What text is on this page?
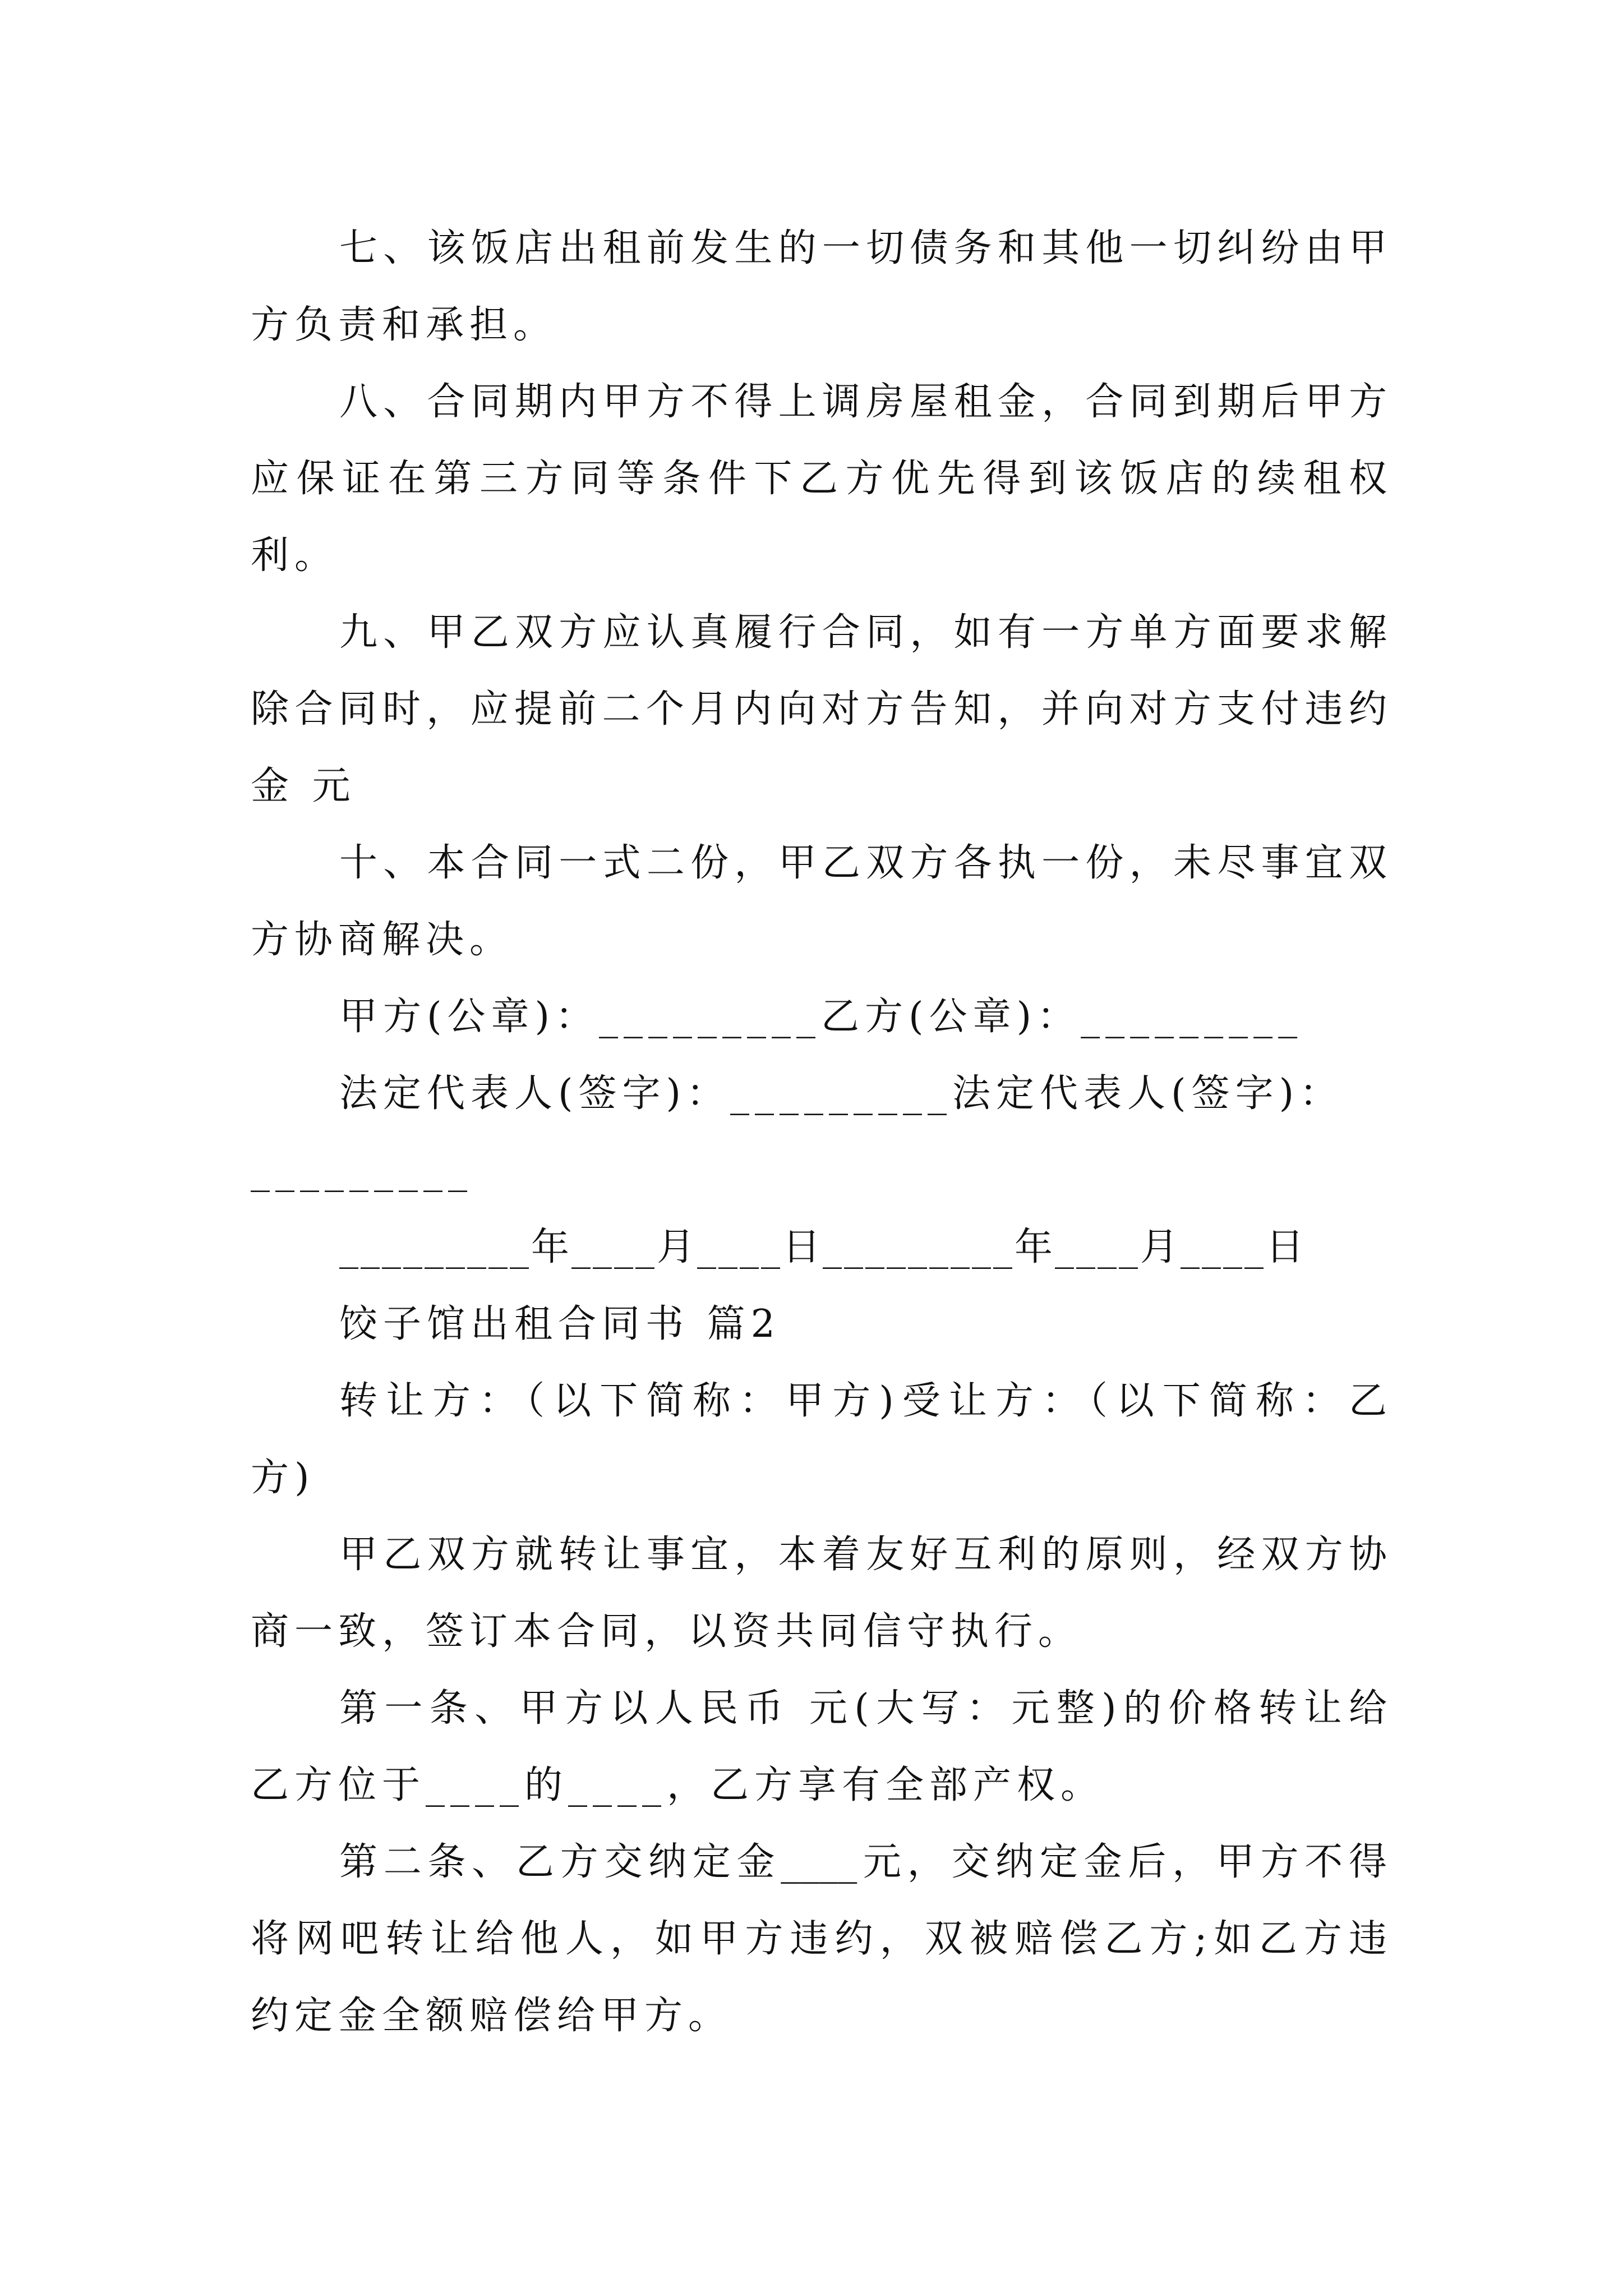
七、该饭店出租前发生的一切债务和其他一切纠纷由甲
方负责和承担。
八、合同期内甲方不得上调房屋租金，合同到期后甲方
应保证在第三方同等条件下乙方优先得到该饭店的续租权
利。
九、甲乙双方应认真履行合同，如有一方单方面要求解
除合同时，应提前二个月内向对方告知，并向对方支付违约
金 元
十、本合同一式二份，甲乙双方各执一份，未尽事宜双
方协商解决。
甲方(公章)：_________乙方(公章)：_________
法定代表人(签字)：_________法定代表人(签字)：
_________
_________年____月____日_________年____月____日
饺子馆出租合同书 篇2
转让方：（以下简称：甲方)受让方：（以下简称：乙
方)
甲乙双方就转让事宜，本着友好互利的原则，经双方协
商一致，签订本合同，以资共同信守执行。
第一条、甲方以人民币 元(大写：元整)的价格转让给
乙方位于____的____，乙方享有全部产权。
第二条、乙方交纳定金____元，交纳定金后，甲方不得
将网吧转让给他人，如甲方违约，双被赔偿乙方;如乙方违
约定金全额赔偿给甲方。
